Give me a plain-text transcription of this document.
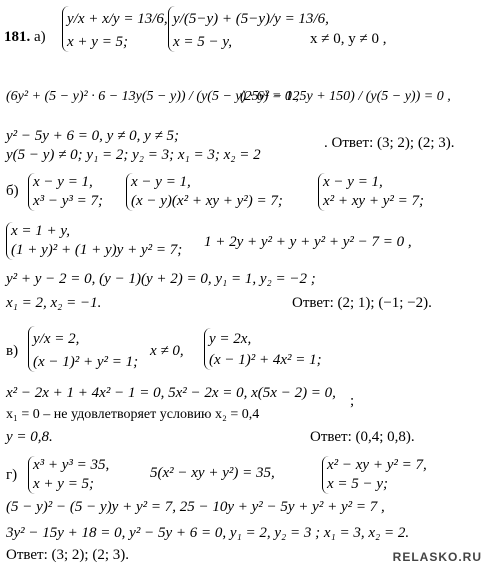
181. а)
y/x + x/y = 13/6,
x + y = 5;
y/(5−y) + (5−y)/y = 13/6,
x = 5 − y,	x ≠ 0, y ≠ 0 ,
(6y² + (5 − y)² · 6 − 13y(5 − y)) / (y(5 − y) · 6) = 0 ,
(25y² − 125y + 150) / (y(5 − y)) = 0 ,
y² − 5y + 6 = 0, y ≠ 0, y ≠ 5;
y(5 − y) ≠ 0; y₁ = 2; y₂ = 3; x₁ = 3; x₂ = 2
. Ответ: (3; 2); (2; 3).
б)
x − y = 1,
x³ − y³ = 7;
x − y = 1,
(x − y)(x² + xy + y²) = 7;
x − y = 1,
x² + xy + y² = 7;
x = 1 + y,
(1 + y)² + (1 + y)y + y² = 7; 1 + 2y + y² + y + y² + y² − 7 = 0 ,
y² + y − 2 = 0, (y − 1)(y + 2) = 0, y₁ = 1, y₂ = −2 ;
x₁ = 2, x₂ = −1.	Ответ: (2; 1); (−1; −2).
в)
y/x = 2,
(x − 1)² + y² = 1;
x ≠ 0,
y = 2x,
(x − 1)² + 4x² = 1;
x² − 2x + 1 + 4x² − 1 = 0, 5x² − 2x = 0, x(5x − 2) = 0, ;
x₁ = 0 – не удовлетворяет условию x₂ = 0,4
y = 0,8.	Ответ: (0,4; 0,8).
г)
x³ + y³ = 35,
x + y = 5;
5(x² − xy + y²) = 35,	x² − xy + y² = 7,
x = 5 − y;
(5 − y)² − (5 − y)y + y² = 7, 25 − 10y + y² − 5y + y² + y² = 7 ,
3y² − 15y + 18 = 0, y² − 5y + 6 = 0, y₁ = 2, y₂ = 3 ; x₁ = 3, x₂ = 2.
Ответ: (3; 2); (2; 3).	RELASKO.RU
